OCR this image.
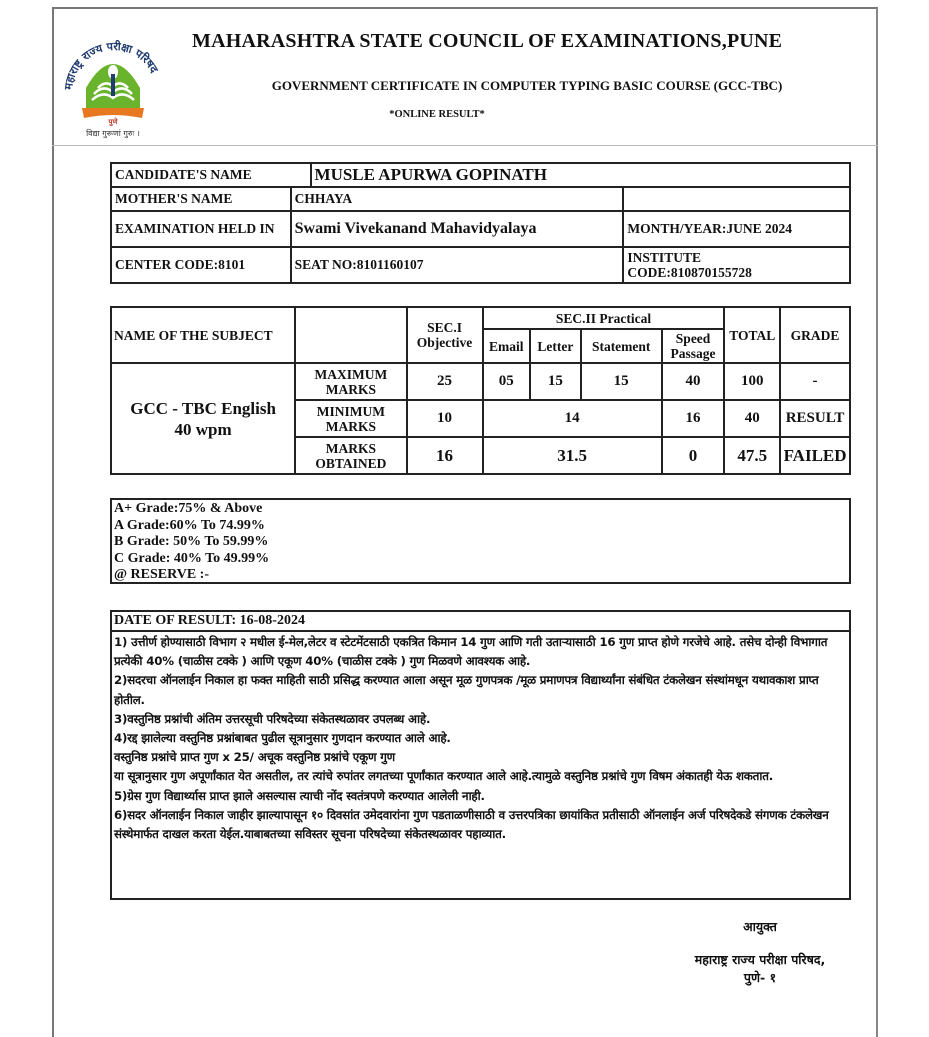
महाराष्ट्र राज्य परीक्षा परिषद
पुणे
विद्या गुरूणां गुरुः ।
MAHARASHTRA STATE COUNCIL OF EXAMINATIONS,PUNE
GOVERNMENT CERTIFICATE IN COMPUTER TYPING BASIC COURSE (GCC-TBC)
*ONLINE RESULT*
CANDIDATE'S NAME		MUSLE APURWA GOPINATH	
MOTHER'S NAME	CHHAYA		
EXAMINATION HELD IN	Swami Vivekanand Mahavidyalaya		MONTH/YEAR:JUNE 2024
CENTER CODE:8101	SEAT NO:8101160107		INSTITUTE
CODE:810870155728
NAME OF THE SUBJECT		SEC.I
Objective	SEC.II Practical				TOTAL	GRADE
			Email	Letter	Statement	Speed
Passage		
GCC - TBC English
40 wpm	MAXIMUM
MARKS	25	05	15	15	40	100	-
	MINIMUM
MARKS	10	14			16	40	RESULT
	MARKS
OBTAINED	16	31.5			0	47.5	FAILED
A+ Grade:75% & Above
A Grade:60% To 74.99%
B Grade: 50% To 59.99%
C Grade: 40% To 49.99%
@ RESERVE :-
DATE OF RESULT: 16-08-2024

1) उत्तीर्ण होण्यासाठी विभाग २ मधील ई-मेल,लेटर व स्टेटमेंटसाठी एकत्रित किमान 14 गुण आणि गती उताऱ्यासाठी 16 गुण प्राप्त होणे गरजेचे आहे. तसेच दोन्ही विभागात प्रत्येकी 40% (चाळीस टक्के ) आणि एकूण 40% (चाळीस टक्के ) गुण मिळवणे आवश्यक आहे.

2)सदरचा ऑनलाईन निकाल हा फक्त माहिती साठी प्रसिद्ध करण्यात आला असून मूळ गुणपत्रक /मूळ प्रमाणपत्र विद्यार्थ्यांना संबंधित टंकलेखन संस्थांमधून यथावकाश प्राप्त होतील.

3)वस्तुनिष्ठ प्रश्नांची अंतिम उत्तरसूची परिषदेच्या संकेतस्थळावर उपलब्ध आहे.

4)रद्द झालेल्या वस्तुनिष्ठ प्रश्नांबाबत पुढील सूत्रानुसार गुणदान करण्यात आले आहे.

वस्तुनिष्ठ प्रश्नांचे प्राप्त गुण x 25/ अचूक वस्तुनिष्ठ प्रश्नांचे एकूण गुण

या सूत्रानुसार गुण अपूर्णांकात येत असतील, तर त्यांचे रुपांतर लगतच्या पूर्णांकात करण्यात आले आहे.त्यामुळे वस्तुनिष्ठ प्रश्नांचे गुण विषम अंकातही येऊ शकतात.

5)ग्रेस गुण विद्यार्थ्यास प्राप्त झाले असल्यास त्याची नोंद स्वतंत्रपणे करण्यात आलेली नाही.

6)सदर ऑनलाईन निकाल जाहीर झाल्यापासून १० दिवसांत उमेदवारांना गुण पडताळणीसाठी व उत्तरपत्रिका छायांकित प्रतीसाठी ऑनलाईन अर्ज परिषदेकडे संगणक टंकलेखन संस्थेमार्फत दाखल करता येईल.याबाबतच्या सविस्तर सूचना परिषदेच्या संकेतस्थळावर पहाव्यात.

आयुक्त
महाराष्ट्र राज्य परीक्षा परिषद,
पुणे- १
